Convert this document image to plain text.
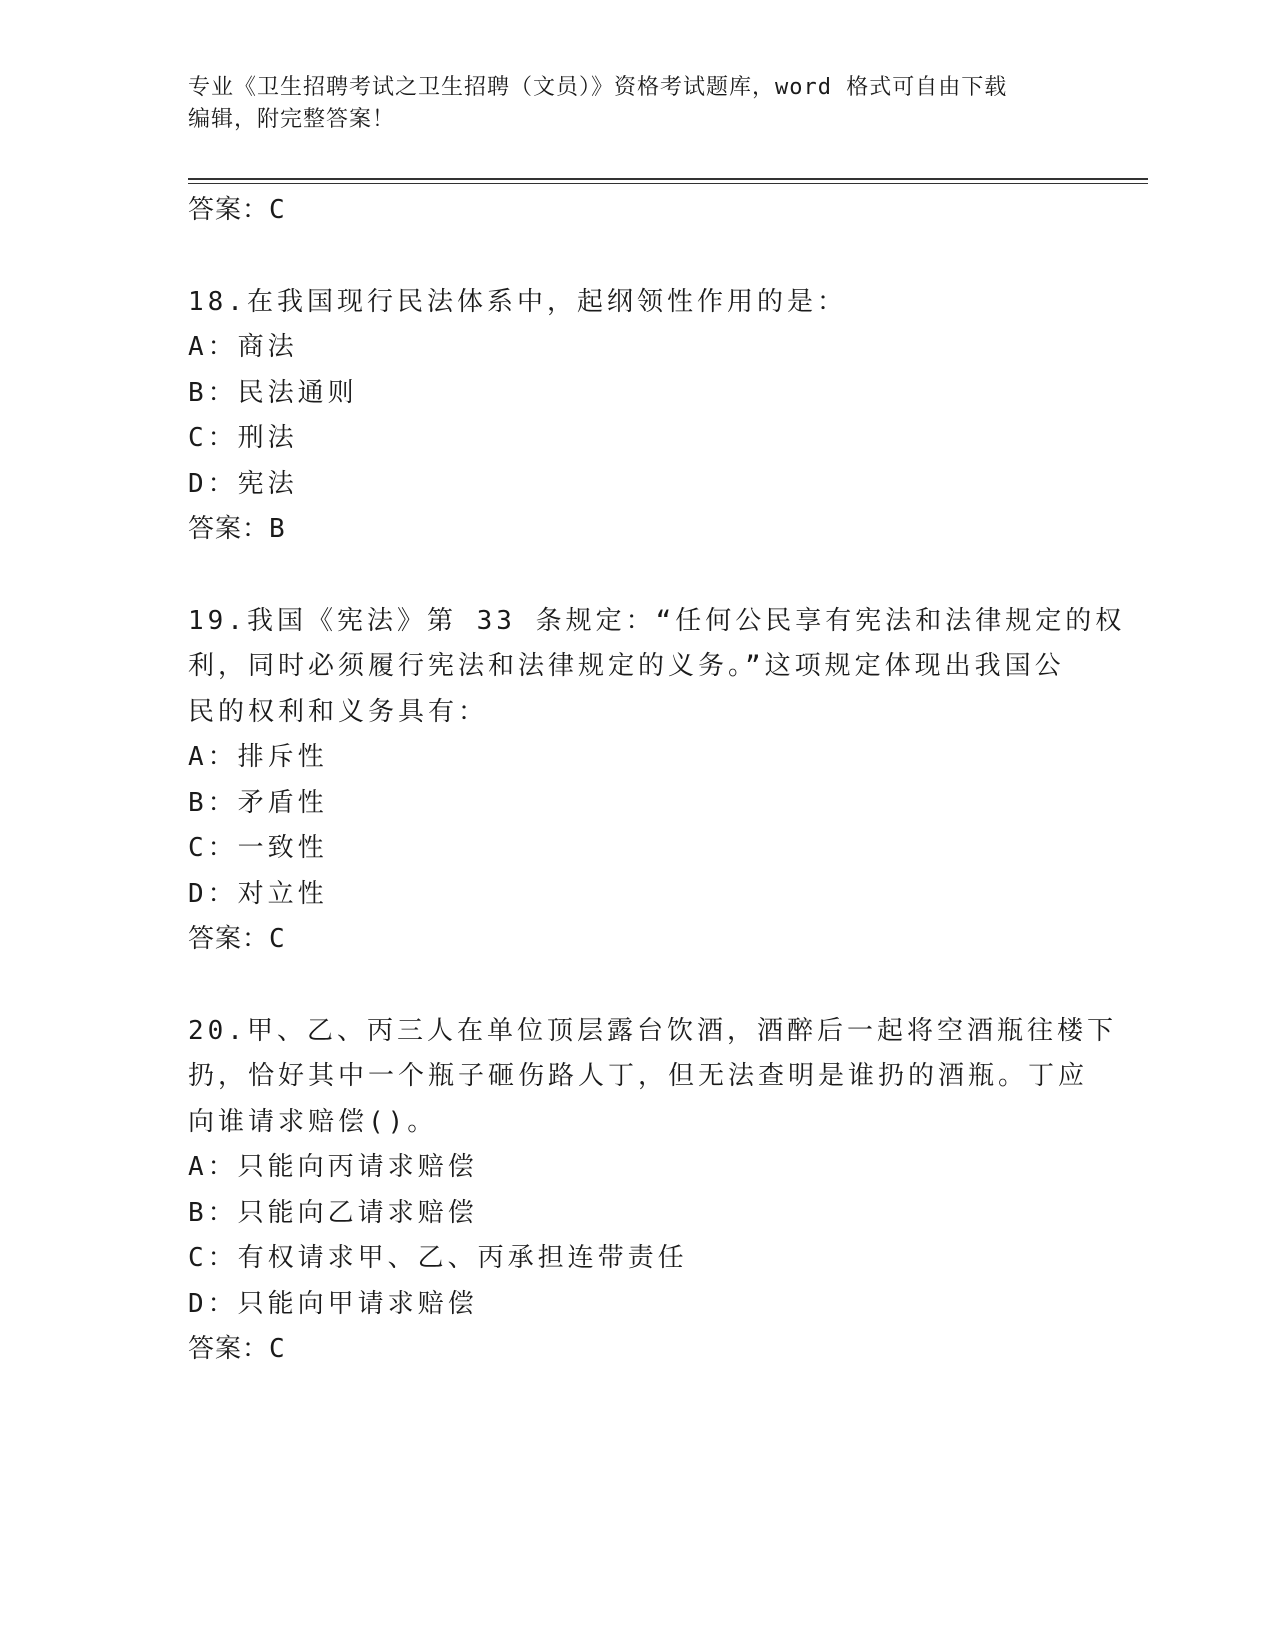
专业《卫生招聘考试之卫生招聘（文员）》资格考试题库，word 格式可自由下载
编辑，附完整答案！
答案：C
18.在我国现行民法体系中，起纲领性作用的是：
A：商法
B：民法通则
C：刑法
D：宪法
答案：B
19.我国《宪法》第 33 条规定：“任何公民享有宪法和法律规定的权
利，同时必须履行宪法和法律规定的义务。”这项规定体现出我国公
民的权利和义务具有：
A：排斥性
B：矛盾性
C：一致性
D：对立性
答案：C
20.甲、乙、丙三人在单位顶层露台饮酒，酒醉后一起将空酒瓶往楼下
扔，恰好其中一个瓶子砸伤路人丁，但无法查明是谁扔的酒瓶。丁应
向谁请求赔偿()。
A：只能向丙请求赔偿
B：只能向乙请求赔偿
C：有权请求甲、乙、丙承担连带责任
D：只能向甲请求赔偿
答案：C
